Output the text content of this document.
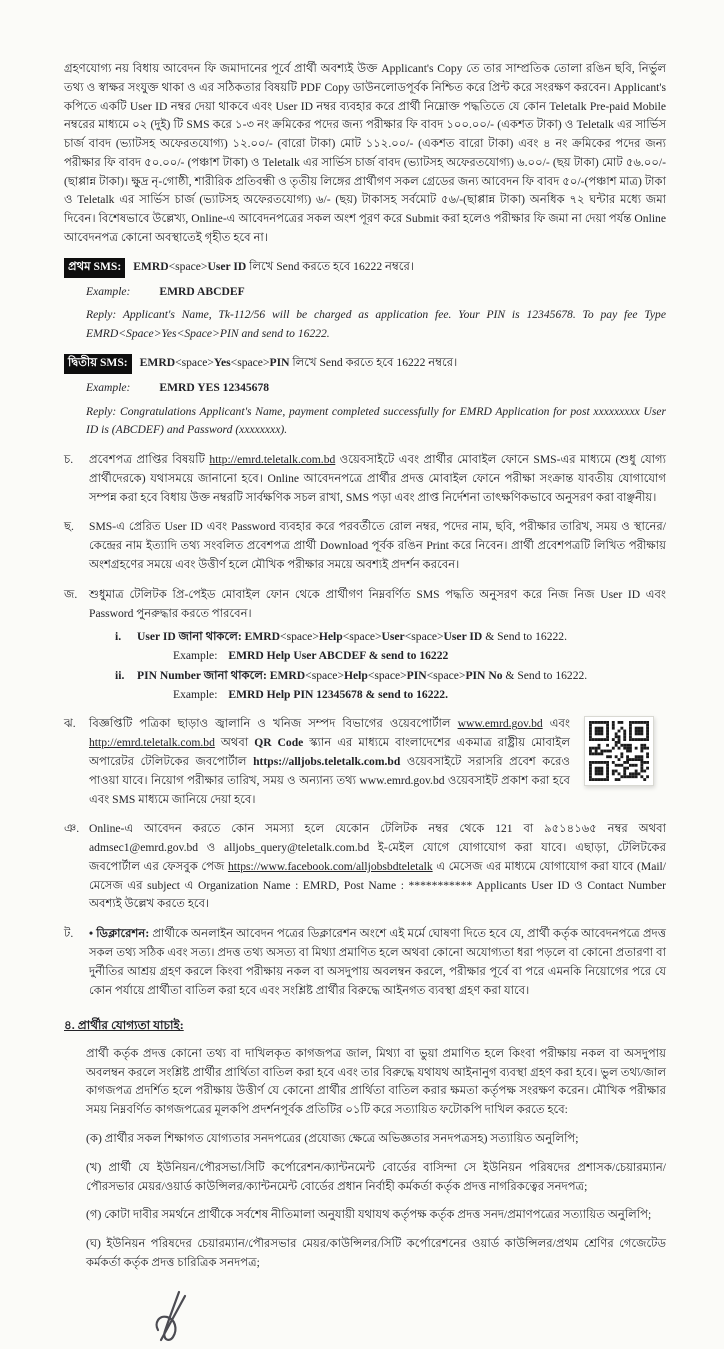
গ্রহণযোগ্য নয় বিধায় আবেদন ফি জমাদানের পূর্বে প্রার্থী অবশ্যই উক্ত Applicant's Copy তে তার সাম্প্রতিক তোলা রঙিন ছবি, নির্ভুল তথ্য ও স্বাক্ষর সংযুক্ত থাকা ও এর সঠিকতার বিষয়টি PDF Copy ডাউনলোডপূর্বক নিশ্চিত করে প্রিন্ট করে সংরক্ষণ করবেন। Applicant's কপিতে একটি User ID নম্বর দেয়া থাকবে এবং User ID নম্বর ব্যবহার করে প্রার্থী নিম্নোক্ত পদ্ধতিতে যে কোন Teletalk Pre-paid Mobile নম্বরের মাধ্যমে ০২ (দুই) টি SMS করে ১-৩ নং ক্রমিকের পদের জন্য পরীক্ষার ফি বাবদ ১০০.০০/- (একশত টাকা) ও Teletalk এর সার্ভিস চার্জ বাবদ (ভ্যাটসহ অফেরতযোগ্য) ১২.০০/- (বারো টাকা) মোট ১১২.০০/- (একশত বারো টাকা) এবং ৪ নং ক্রমিকের পদের জন্য পরীক্ষার ফি বাবদ ৫০.০০/- (পঞ্চাশ টাকা) ও Teletalk এর সার্ভিস চার্জ বাবদ (ভ্যাটসহ অফেরতযোগ্য) ৬.০০/- (ছয় টাকা) মোট ৫৬.০০/- (ছাপ্পান্ন টাকা)। ক্ষুদ্র নৃ-গোষ্ঠী, শারীরিক প্রতিবন্ধী ও তৃতীয় লিঙ্গের প্রার্থীগণ সকল গ্রেডের জন্য আবেদন ফি বাবদ ৫০/-(পঞ্চাশ মাত্র) টাকা ও Teletalk এর সার্ভিস চার্জ (ভ্যাটসহ অফেরতযোগ্য) ৬/- (ছয়) টাকাসহ সর্বমোট ৫৬/-(ছাপ্পান্ন টাকা) অনধিক ৭২ ঘন্টার মধ্যে জমা দিবেন। বিশেষভাবে উল্লেখ্য, Online-এ আবেদনপত্রের সকল অংশ পূরণ করে Submit করা হলেও পরীক্ষার ফি জমা না দেয়া পর্যন্ত Online আবেদনপত্র কোনো অবস্থাতেই গৃহীত হবে না।

প্রথম SMS:	EMRD<space>User ID লিখে Send করতে হবে 16222 নম্বরে।
Example: EMRD ABCDEF

Reply: Applicant's Name, Tk-112/56 will be charged as application fee. Your PIN is 12345678. To pay fee Type EMRD<Space>Yes<Space>PIN and send to 16222.

দ্বিতীয় SMS:	EMRD<space>Yes<space>PIN লিখে Send করতে হবে 16222 নম্বরে।
Example: EMRD YES 12345678

Reply: Congratulations Applicant's Name, payment completed successfully for EMRD Application for post xxxxxxxxx User ID is (ABCDEF) and Password (xxxxxxxx).

চ.	প্রবেশপত্র প্রাপ্তির বিষয়টি http://emrd.teletalk.com.bd ওয়েবসাইটে এবং প্রার্থীর মোবাইল ফোনে SMS-এর মাধ্যমে (শুধু যোগ্য প্রার্থীদেরকে) যথাসময়ে জানানো হবে। Online আবেদনপত্রে প্রার্থীর প্রদত্ত মোবাইল ফোনে পরীক্ষা সংক্রান্ত যাবতীয় যোগাযোগ সম্পন্ন করা হবে বিধায় উক্ত নম্বরটি সার্বক্ষণিক সচল রাখা, SMS পড়া এবং প্রাপ্ত নির্দেশনা তাৎক্ষণিকভাবে অনুসরণ করা বাঞ্ছনীয়।
ছ.	SMS-এ প্রেরিত User ID এবং Password ব্যবহার করে পরবর্তীতে রোল নম্বর, পদের নাম, ছবি, পরীক্ষার তারিখ, সময় ও স্থানের/কেন্দ্রের নাম ইত্যাদি তথ্য সংবলিত প্রবেশপত্র প্রার্থী Download পূর্বক রঙিন Print করে নিবেন। প্রার্থী প্রবেশপত্রটি লিখিত পরীক্ষায় অংশগ্রহণের সময়ে এবং উত্তীর্ণ হলে মৌখিক পরীক্ষার সময়ে অবশ্যই প্রদর্শন করবেন।
জ.	শুধুমাত্র টেলিটক প্রি-পেইড মোবাইল ফোন থেকে প্রার্থীগণ নিম্নবর্ণিত SMS পদ্ধতি অনুসরণ করে নিজ নিজ User ID এবং Password পুনরুদ্ধার করতে পারবেন।
i.	User ID জানা থাকলে: EMRD<space>Help<space>User<space>User ID & Send to 16222.
Example: EMRD Help User ABCDEF & send to 16222
ii.	PIN Number জানা থাকলে: EMRD<space>Help<space>PIN<space>PIN No & Send to 16222.
Example: EMRD Help PIN 12345678 & send to 16222.
ঝ.	বিজ্ঞপ্তিটি পত্রিকা ছাড়াও জ্বালানি ও খনিজ সম্পদ বিভাগের ওয়েবপোর্টাল www.emrd.gov.bd এবং http://emrd.teletalk.com.bd অথবা QR Code স্ক্যান এর মাধ্যমে বাংলাদেশের একমাত্র রাষ্ট্রীয় মোবাইল অপারেটর টেলিটকের জবপোর্টাল https://alljobs.teletalk.com.bd ওয়েবসাইটে সরাসরি প্রবেশ করেও পাওয়া যাবে। নিয়োগ পরীক্ষার তারিখ, সময় ও অন্যান্য তথ্য www.emrd.gov.bd ওয়েবসাইট প্রকাশ করা হবে এবং SMS মাধ্যমে জানিয়ে দেয়া হবে।
ঞ. Online-এ আবেদন করতে কোন সমস্যা হলে যেকোন টেলিটক নম্বর থেকে 121 বা ৯৫১৪১৬৫ নম্বর অথবা admsec1@emrd.gov.bd ও alljobs_query@teletalk.com.bd ই-মেইল যোগে যোগাযোগ করা যাবে। এছাড়া, টেলিটকের জবপোর্টাল এর ফেসবুক পেজ https://www.facebook.com/alljobsbdteletalk এ মেসেজ এর মাধ্যমে যোগাযোগ করা যাবে (Mail/মেসেজ এর subject এ Organization Name : EMRD, Post Name : *********** Applicants User ID ও Contact Number অবশ্যই উল্লেখ করতে হবে।
ট.	• ডিক্লারেশন: প্রার্থীকে অনলাইন আবেদন পত্রের ডিক্লারেশন অংশে এই মর্মে ঘোষণা দিতে হবে যে, প্রার্থী কর্তৃক আবেদনপত্রে প্রদত্ত সকল তথ্য সঠিক এবং সত্য। প্রদত্ত তথ্য অসত্য বা মিথ্যা প্রমাণিত হলে অথবা কোনো অযোগ্যতা ধরা পড়লে বা কোনো প্রতারণা বা দুর্নীতির আশ্রয় গ্রহণ করলে কিংবা পরীক্ষায় নকল বা অসদুপায় অবলম্বন করলে, পরীক্ষার পূর্বে বা পরে এমনকি নিয়োগের পরে যে কোন পর্যায়ে প্রার্থীতা বাতিল করা হবে এবং সংশ্লিষ্ট প্রার্থীর বিরুদ্ধে আইনগত ব্যবস্থা গ্রহণ করা যাবে।
৪. প্রার্থীর যোগ্যতা যাচাই:

প্রার্থী কর্তৃক প্রদত্ত কোনো তথ্য বা দাখিলকৃত কাগজপত্র জাল, মিথ্যা বা ভুয়া প্রমাণিত হলে কিংবা পরীক্ষায় নকল বা অসদুপায় অবলম্বন করলে সংশ্লিষ্ট প্রার্থীর প্রার্থিতা বাতিল করা হবে এবং তার বিরুদ্ধে যথাযথ আইনানুগ ব্যবস্থা গ্রহণ করা হবে। ভুল তথ্য/জাল কাগজপত্র প্রদর্শিত হলে পরীক্ষায় উত্তীর্ণ যে কোনো প্রার্থীর প্রার্থিতা বাতিল করার ক্ষমতা কর্তৃপক্ষ সংরক্ষণ করেন। মৌখিক পরীক্ষার সময় নিম্নবর্ণিত কাগজপত্রের মূলকপি প্রদর্শনপূর্বক প্রতিটির ০১টি করে সত্যায়িত ফটোকপি দাখিল করতে হবে:

(ক) প্রার্থীর সকল শিক্ষাগত যোগ্যতার সনদপত্রের (প্রযোজ্য ক্ষেত্রে অভিজ্ঞতার সনদপত্রসহ) সত্যায়িত অনুলিপি;

(খ) প্রার্থী যে ইউনিয়ন/পৌরসভা/সিটি কর্পোরেশন/ক্যান্টনমেন্ট বোর্ডের বাসিন্দা সে ইউনিয়ন পরিষদের প্রশাসক/চেয়ারম্যান/পৌরসভার মেয়র/ওয়ার্ড কাউন্সিলর/ক্যান্টনমেন্ট বোর্ডের প্রধান নির্বাহী কর্মকর্তা কর্তৃক প্রদত্ত নাগরিকত্বের সনদপত্র;

(গ) কোটা দাবীর সমর্থনে প্রার্থীকে সর্বশেষ নীতিমালা অনুযায়ী যথাযথ কর্তৃপক্ষ কর্তৃক প্রদত্ত সনদ/প্রমাণপত্রের সত্যায়িত অনুলিপি;

(ঘ) ইউনিয়ন পরিষদের চেয়ারম্যান/পৌরসভার মেয়র/কাউন্সিলর/সিটি কর্পোরেশনের ওয়ার্ড কাউন্সিলর/প্রথম শ্রেণির গেজেটেড কর্মকর্তা কর্তৃক প্রদত্ত চারিত্রিক সনদপত্র;
